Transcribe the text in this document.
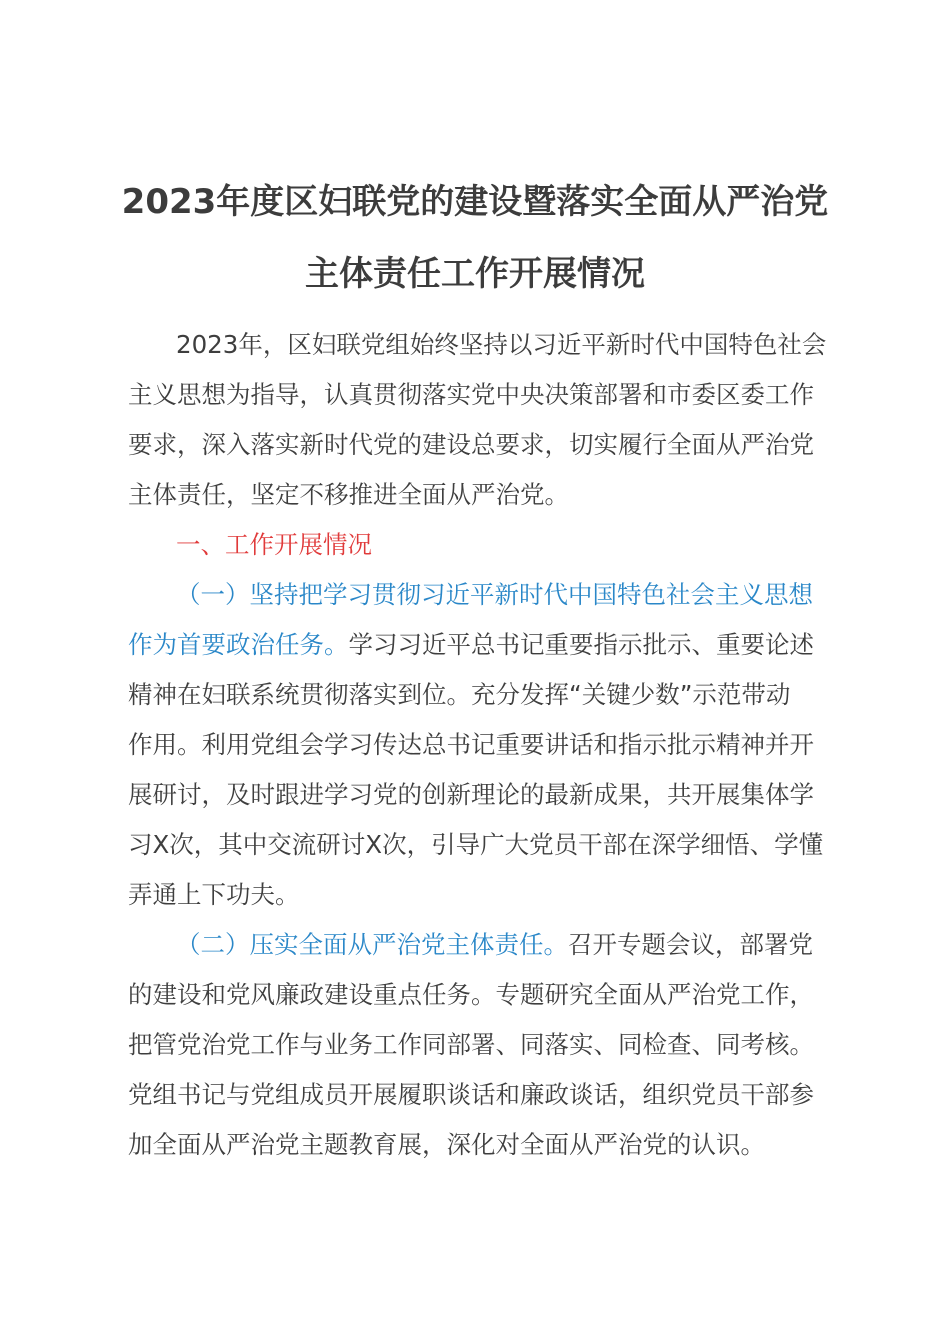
2023年度区妇联党的建设暨落实全面从严治党
主体责任工作开展情况
2023年，区妇联党组始终坚持以习近平新时代中国特色社会
主义思想为指导，认真贯彻落实党中央决策部署和市委区委工作
要求，深入落实新时代党的建设总要求，切实履行全面从严治党
主体责任，坚定不移推进全面从严治党。
一、工作开展情况
（一）坚持把学习贯彻习近平新时代中国特色社会主义思想
作为首要政治任务。学习习近平总书记重要指示批示、重要论述
精神在妇联系统贯彻落实到位。充分发挥“关键少数”示范带动
作用。利用党组会学习传达总书记重要讲话和指示批示精神并开
展研讨，及时跟进学习党的创新理论的最新成果，共开展集体学
习X次，其中交流研讨X次，引导广大党员干部在深学细悟、学懂
弄通上下功夫。
（二）压实全面从严治党主体责任。召开专题会议，部署党
的建设和党风廉政建设重点任务。专题研究全面从严治党工作，
把管党治党工作与业务工作同部署、同落实、同检查、同考核。
党组书记与党组成员开展履职谈话和廉政谈话，组织党员干部参
加全面从严治党主题教育展，深化对全面从严治党的认识。
